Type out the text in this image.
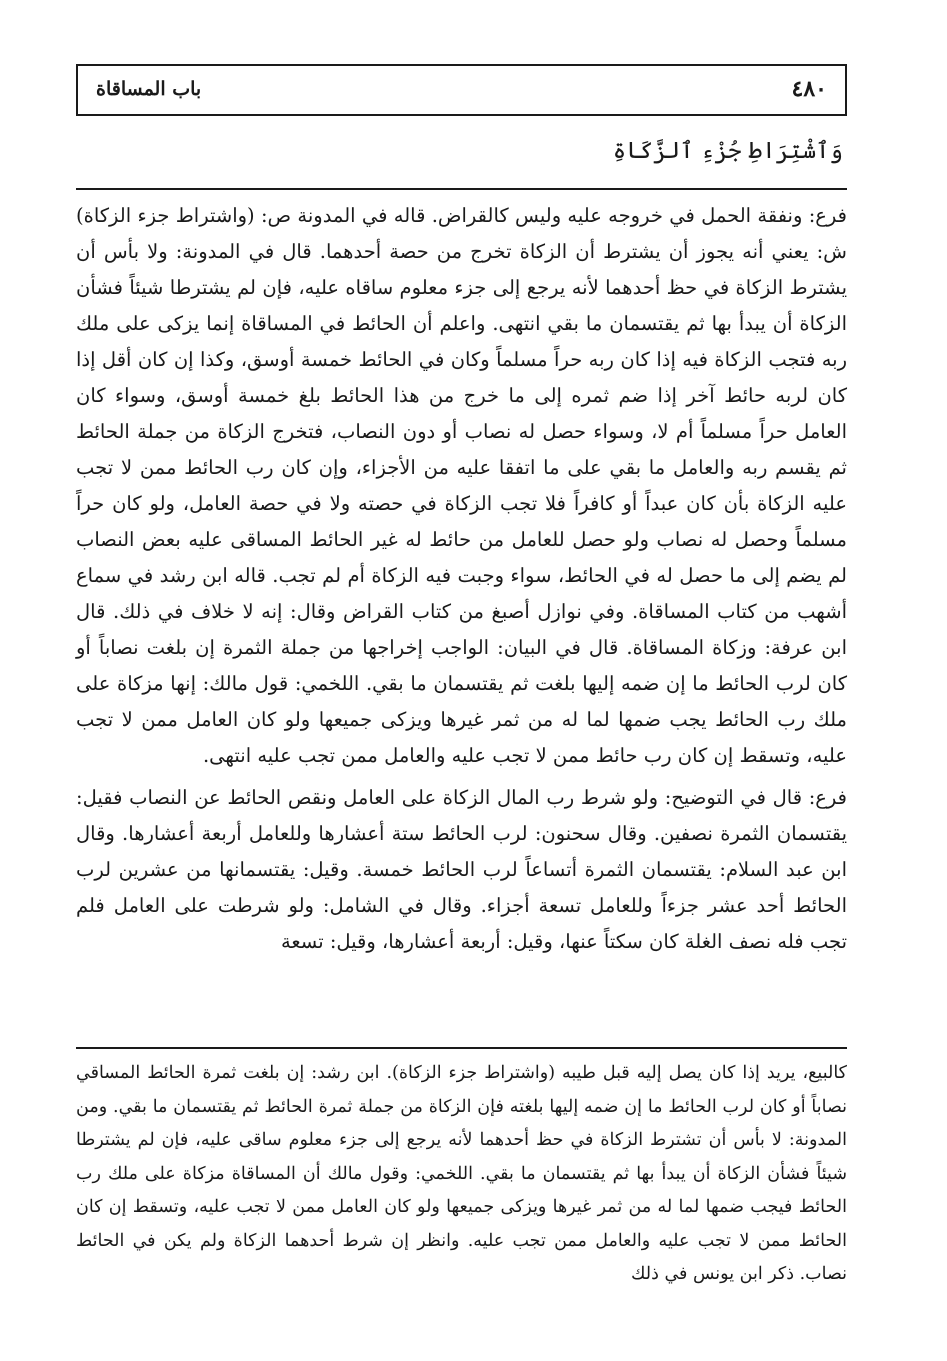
باب المساقاة	٤٨٠
وَٱشْتِرَاطِ جُزْءِ ٱلزَّكَاةِ

فرع: ونفقة الحمل في خروجه عليه وليس كالقراض. قاله في المدونة ص: (واشتراط جزء الزكاة) ش: يعني أنه يجوز أن يشترط أن الزكاة تخرج من حصة أحدهما. قال في المدونة: ولا بأس أن يشترط الزكاة في حظ أحدهما لأنه يرجع إلى جزء معلوم ساقاه عليه، فإن لم يشترطا شيئاً فشأن الزكاة أن يبدأ بها ثم يقتسمان ما بقي انتهى. واعلم أن الحائط في المساقاة إنما يزكى على ملك ربه فتجب الزكاة فيه إذا كان ربه حراً مسلماً وكان في الحائط خمسة أوسق، وكذا إن كان أقل إذا كان لربه حائط آخر إذا ضم ثمره إلى ما خرج من هذا الحائط بلغ خمسة أوسق، وسواء كان العامل حراً مسلماً أم لا، وسواء حصل له نصاب أو دون النصاب، فتخرج الزكاة من جملة الحائط ثم يقسم ربه والعامل ما بقي على ما اتفقا عليه من الأجزاء، وإن كان رب الحائط ممن لا تجب عليه الزكاة بأن كان عبداً أو كافراً فلا تجب الزكاة في حصته ولا في حصة العامل، ولو كان حراً مسلماً وحصل له نصاب ولو حصل للعامل من حائط له غير الحائط المساقى عليه بعض النصاب لم يضم إلى ما حصل له في الحائط، سواء وجبت فيه الزكاة أم لم تجب. قاله ابن رشد في سماع أشهب من كتاب المساقاة. وفي نوازل أصبغ من كتاب القراض وقال: إنه لا خلاف في ذلك. قال ابن عرفة: وزكاة المساقاة. قال في البيان: الواجب إخراجها من جملة الثمرة إن بلغت نصاباً أو كان لرب الحائط ما إن ضمه إليها بلغت ثم يقتسمان ما بقي. اللخمي: قول مالك: إنها مزكاة على ملك رب الحائط يجب ضمها لما له من ثمر غيرها ويزكى جميعها ولو كان العامل ممن لا تجب عليه، وتسقط إن كان رب حائط ممن لا تجب عليه والعامل ممن تجب عليه انتهى.

فرع: قال في التوضيح: ولو شرط رب المال الزكاة على العامل ونقص الحائط عن النصاب فقيل: يقتسمان الثمرة نصفين. وقال سحنون: لرب الحائط ستة أعشارها وللعامل أربعة أعشارها. وقال ابن عبد السلام: يقتسمان الثمرة أتساعاً لرب الحائط خمسة. وقيل: يقتسمانها من عشرين لرب الحائط أحد عشر جزءاً وللعامل تسعة أجزاء. وقال في الشامل: ولو شرطت على العامل فلم تجب فله نصف الغلة كان سكتاً عنها، وقيل: أربعة أعشارها، وقيل: تسعة

كالبيع، يريد إذا كان يصل إليه قبل طيبه (واشتراط جزء الزكاة). ابن رشد: إن بلغت ثمرة الحائط المساقي نصاباً أو كان لرب الحائط ما إن ضمه إليها بلغته فإن الزكاة من جملة ثمرة الحائط ثم يقتسمان ما بقي. ومن المدونة: لا بأس أن تشترط الزكاة في حظ أحدهما لأنه يرجع إلى جزء معلوم ساقى عليه، فإن لم يشترطا شيئاً فشأن الزكاة أن يبدأ بها ثم يقتسمان ما بقي. اللخمي: وقول مالك أن المساقاة مزكاة على ملك رب الحائط فيجب ضمها لما له من ثمر غيرها ويزكى جميعها ولو كان العامل ممن لا تجب عليه، وتسقط إن كان الحائط ممن لا تجب عليه والعامل ممن تجب عليه. وانظر إن شرط أحدهما الزكاة ولم يكن في الحائط نصاب. ذكر ابن يونس في ذلك
